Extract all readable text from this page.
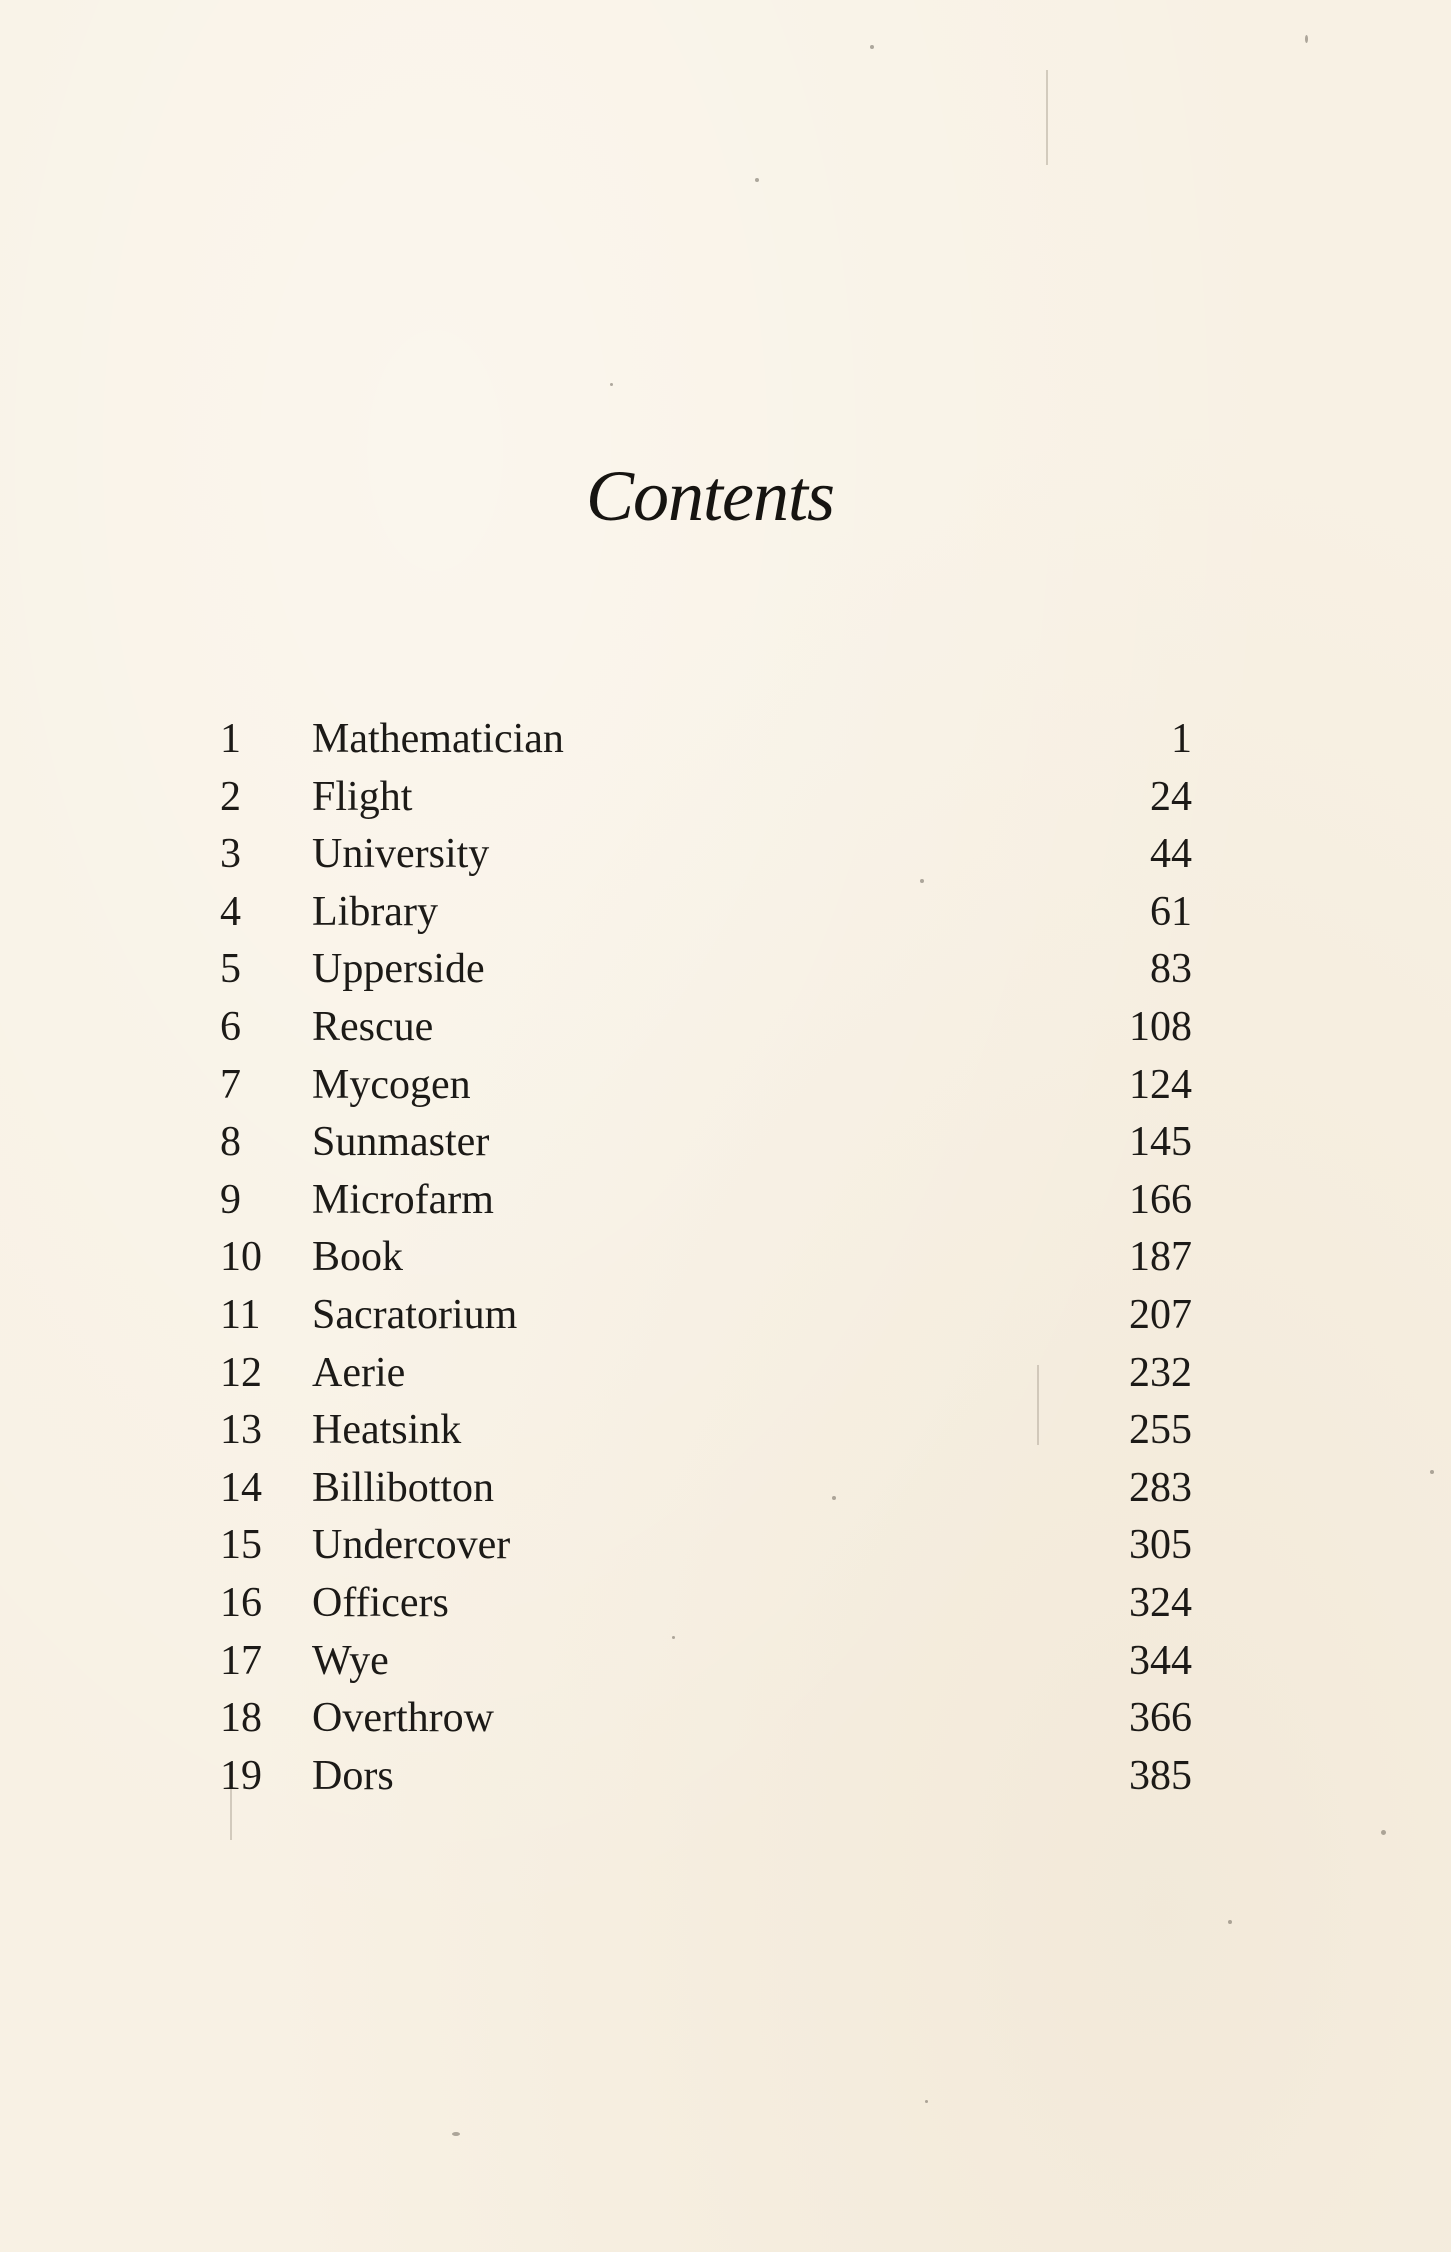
Contents
1	Mathematician	1
2	Flight	24
3	University	44
4	Library	61
5	Upperside	83
6	Rescue	108
7	Mycogen	124
8	Sunmaster	145
9	Microfarm	166
10	Book	187
11	Sacratorium	207
12	Aerie	232
13	Heatsink	255
14	Billibotton	283
15	Undercover	305
16	Officers	324
17	Wye	344
18	Overthrow	366
19	Dors	385
